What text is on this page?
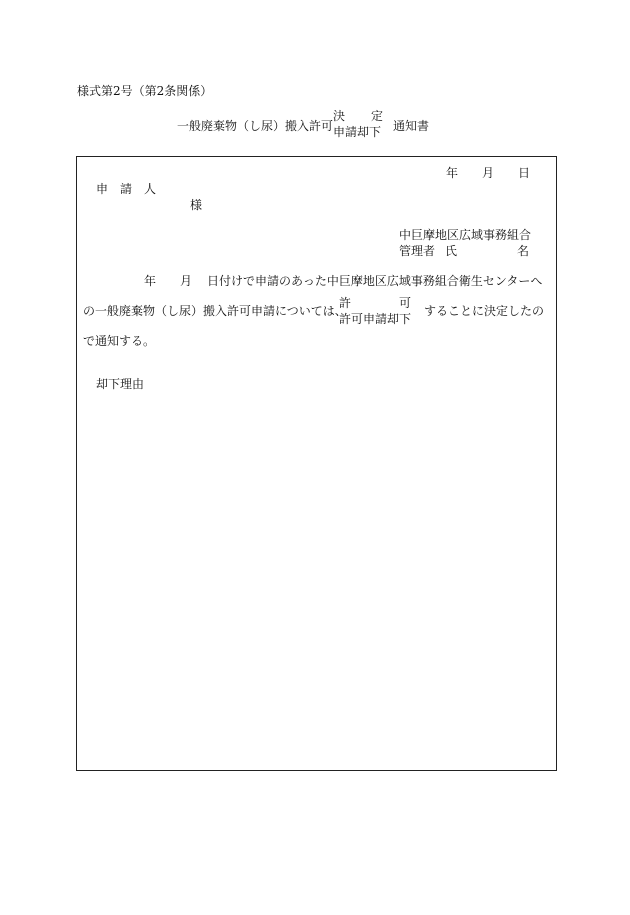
様式第2号（第2条関係）
一般廃棄物（し尿）搬入許可
決 定
申請却下 通知書
年 月 日
申　請　人
様
中巨摩地区広域事務組合
管理者 氏	名
年 月 日付けで申請のあった中巨摩地区広域事務組合衛生センターへ
の一般廃棄物（し尿）搬入許可申請については、
許	可
許可申請却下
することに決定したの
で通知する。
却下理由
